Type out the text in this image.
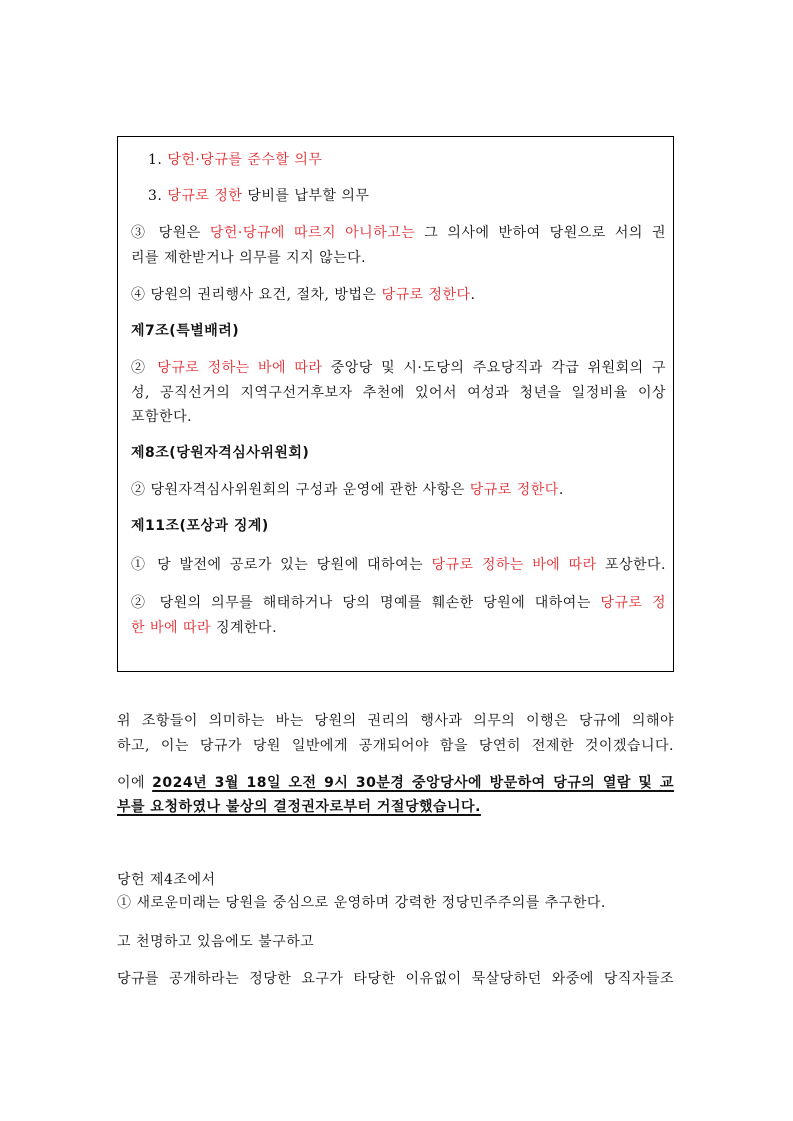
1. 당헌·당규를 준수할 의무
3. 당규로 정한 당비를 납부할 의무
③ 당원은 당헌·당규에 따르지 아니하고는 그 의사에 반하여 당원으로 서의 권
리를 제한받거나 의무를 지지 않는다.
④ 당원의 권리행사 요건, 절차, 방법은 당규로 정한다.
제7조(특별배려)
② 당규로 정하는 바에 따라 중앙당 및 시·도당의 주요당직과 각급 위원회의 구
성, 공직선거의 지역구선거후보자 추천에 있어서 여성과 청년을 일정비율 이상
포함한다.
제8조(당원자격심사위원회)
② 당원자격심사위원회의 구성과 운영에 관한 사항은 당규로 정한다.
제11조(포상과 징계)
① 당 발전에 공로가 있는 당원에 대하여는 당규로 정하는 바에 따라 포상한다.
② 당원의 의무를 해태하거나 당의 명예를 훼손한 당원에 대하여는 당규로 정
한 바에 따라 징계한다.
위 조항들이 의미하는 바는 당원의 권리의 행사과 의무의 이행은 당규에 의해야
하고, 이는 당규가 당원 일반에게 공개되어야 함을 당연히 전제한 것이겠습니다.
이에 2024년 3월 18일 오전 9시 30분경 중앙당사에 방문하여 당규의 열람 및 교
부를 요청하였나 불상의 결정권자로부터 거절당했습니다.
당헌 제4조에서
① 새로운미래는 당원을 중심으로 운영하며 강력한 정당민주주의를 추구한다.
고 천명하고 있음에도 불구하고
당규를 공개하라는 정당한 요구가 타당한 이유없이 묵살당하던 와중에 당직자들조
